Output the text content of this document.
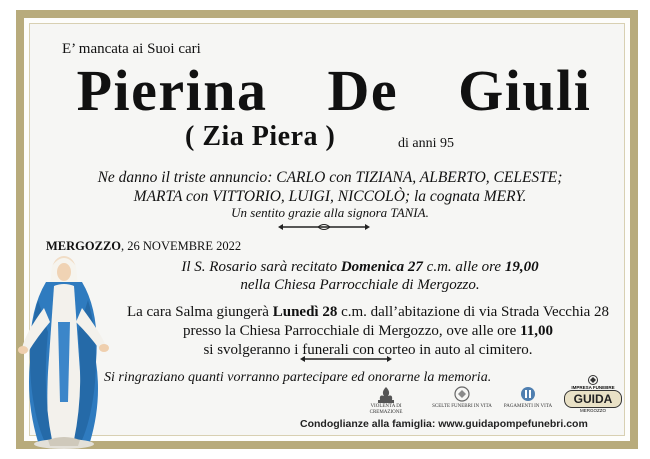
E’ mancata ai Suoi cari
Pierina  De  Giuli
( Zia Piera )	di anni 95
Ne danno il triste annuncio: CARLO con TIZIANA, ALBERTO, CELESTE;
MARTA con VITTORIO, LUIGI, NICCOLÒ; la cognata MERY.
Un sentito grazie alla signora TANIA.
MERGOZZO, 26 NOVEMBRE 2022
Il S. Rosario sarà recitato Domenica 27 c.m. alle ore 19,00
nella Chiesa Parrocchiale di Mergozzo.
La cara Salma giungerà Lunedì 28 c.m. dall’abitazione di via Strada Vecchia 28
presso la Chiesa Parrocchiale di Mergozzo, ove alle ore 11,00
si svolgeranno i funerali con corteo in auto al cimitero.
Si ringraziano quanti vorranno partecipare ed onorarne la memoria.
VIOLENTA DI CREMAZIONE
SCELTE FUNEBRI IN VITA PAGAMENTI IN VITA
IMPRESA FUNEBRE
GUIDA
MERGOZZO
Condoglianze alla famiglia: www.guidapompefunebri.com
